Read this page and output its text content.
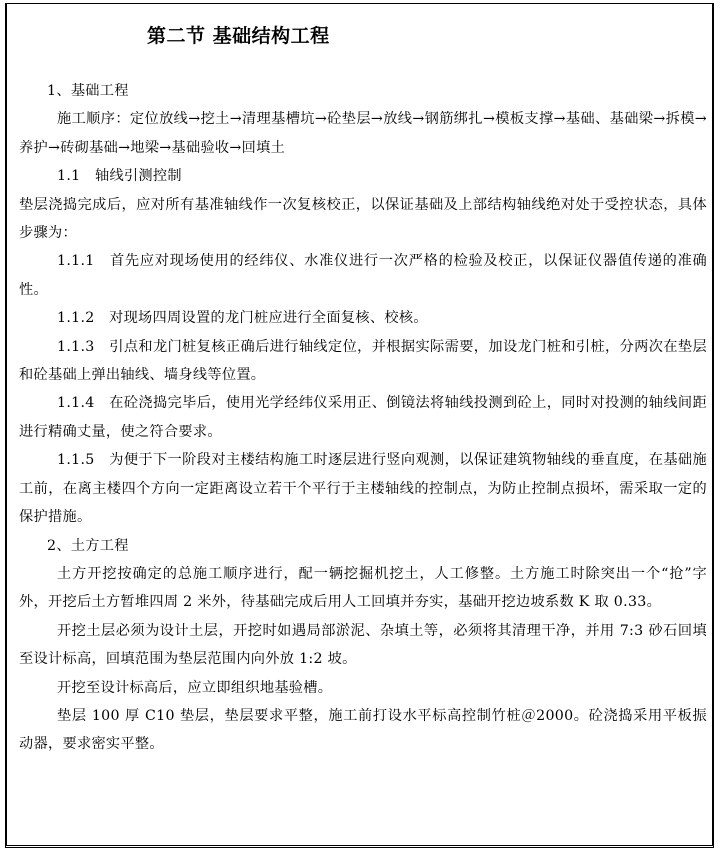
第二节 基础结构工程

1、基础工程

施工顺序：定位放线→挖土→清理基槽坑→砼垫层→放线→钢筋绑扎→模板支撑→基础、基础梁→拆模→养护→砖砌基础→地梁→基础验收→回填土

1.1　轴线引测控制

垫层浇捣完成后，应对所有基准轴线作一次复核校正，以保证基础及上部结构轴线绝对处于受控状态，具体步骤为：

1.1.1　首先应对现场使用的经纬仪、水准仪进行一次严格的检验及校正，以保证仪器值传递的准确性。

1.1.2　对现场四周设置的龙门桩应进行全面复核、校核。

1.1.3　引点和龙门桩复核正确后进行轴线定位，并根据实际需要，加设龙门桩和引桩，分两次在垫层和砼基础上弹出轴线、墙身线等位置。

1.1.4　在砼浇捣完毕后，使用光学经纬仪采用正、倒镜法将轴线投测到砼上，同时对投测的轴线间距进行精确丈量，使之符合要求。

1.1.5　为便于下一阶段对主楼结构施工时逐层进行竖向观测，以保证建筑物轴线的垂直度，在基础施工前，在离主楼四个方向一定距离设立若干个平行于主楼轴线的控制点，为防止控制点损坏，需采取一定的保护措施。

2、土方工程

土方开挖按确定的总施工顺序进行，配一辆挖掘机挖土，人工修整。土方施工时除突出一个“抢”字外，开挖后土方暂堆四周 2 米外，待基础完成后用人工回填并夯实，基础开挖边坡系数 K 取 0.33。

开挖土层必须为设计土层，开挖时如遇局部淤泥、杂填土等，必须将其清理干净，并用 7:3 砂石回填至设计标高，回填范围为垫层范围内向外放 1:2 坡。

开挖至设计标高后，应立即组织地基验槽。

垫层 100 厚 C10 垫层，垫层要求平整，施工前打设水平标高控制竹桩＠2000。砼浇捣采用平板振动器，要求密实平整。
